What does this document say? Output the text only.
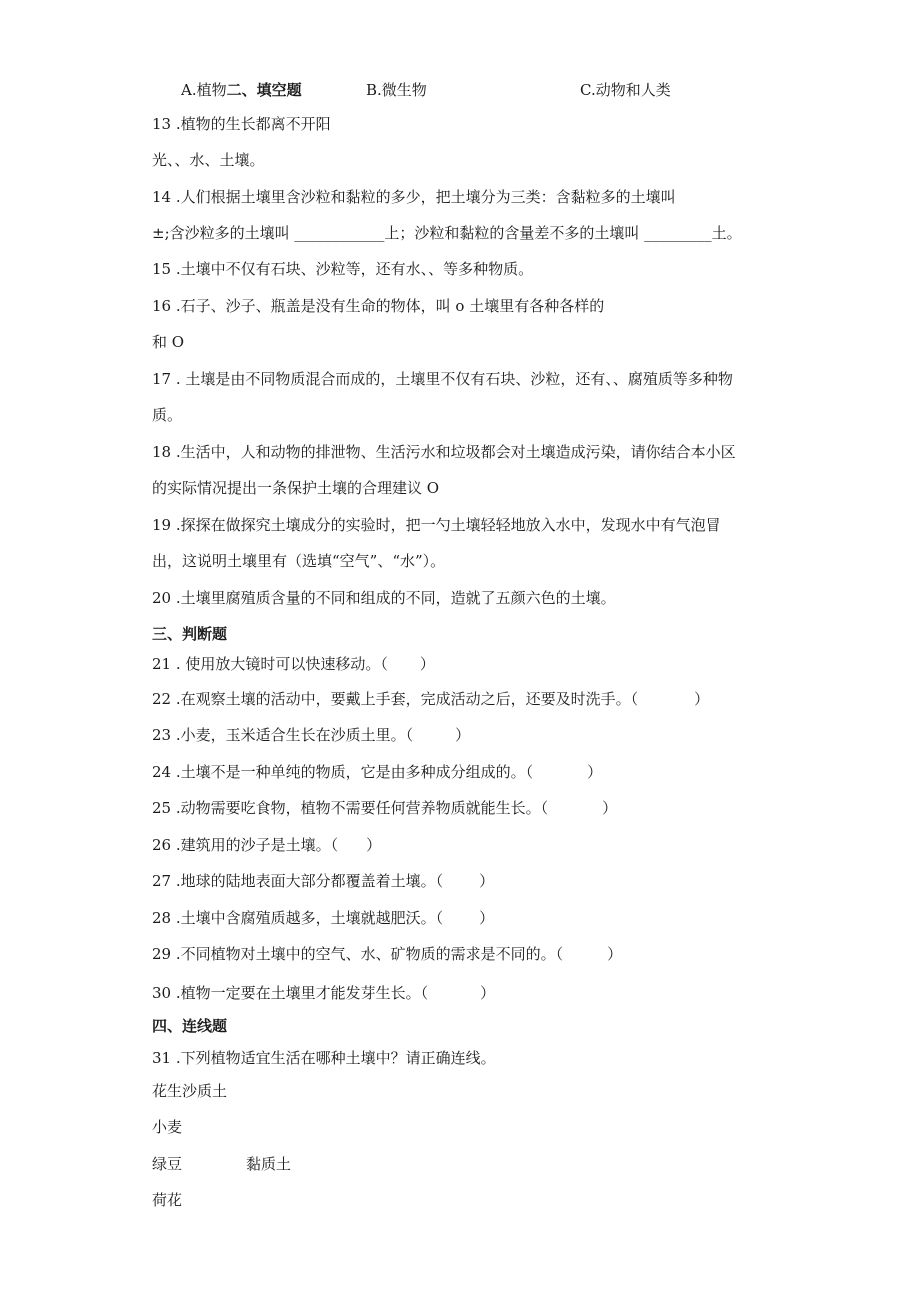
A.植物二、填空题	B.微生物	C.动物和人类
13 .植物的生长都离不开阳
光、、水、土壤。
14 .人们根据土壤里含沙粒和黏粒的多少，把土壤分为三类：含黏粒多的土壤叫
±;含沙粒多的土壤叫 ____________上；沙粒和黏粒的含量差不多的土壤叫 _________土。
15 .土壤中不仅有石块、沙粒等，还有水、、等多种物质。
16 .石子、沙子、瓶盖是没有生命的物体，叫 o 土壤里有各种各样的
和 O
17 . 土壤是由不同物质混合而成的，土壤里不仅有石块、沙粒，还有、、腐殖质等多种物
质。
18 .生活中，人和动物的排泄物、生活污水和垃圾都会对土壤造成污染，请你结合本小区
的实际情况提出一条保护土壤的合理建议 O
19 .探探在做探究土壤成分的实验时，把一勺土壤轻轻地放入水中，发现水中有气泡冒
出，这说明土壤里有（选填“空气”、“水”）。
20 .土壤里腐殖质含量的不同和组成的不同，造就了五颜六色的土壤。
三、判断题
21 . 使用放大镜时可以快速移动。（ ）
22 .在观察土壤的活动中，要戴上手套，完成活动之后，还要及时洗手。（	）
23 .小麦，玉米适合生长在沙质土里。（	）
24 .土壤不是一种单纯的物质，它是由多种成分组成的。（	）
25 .动物需要吃食物，植物不需要任何营养物质就能生长。（	）
26 .建筑用的沙子是土壤。（ ）
27 .地球的陆地表面大部分都覆盖着土壤。（ ）
28 .土壤中含腐殖质越多，土壤就越肥沃。（ ）
29 .不同植物对土壤中的空气、水、矿物质的需求是不同的。（	）
30 .植物一定要在土壤里才能发芽生长。（	）
四、连线题
31 .下列植物适宜生活在哪种土壤中？请正确连线。
花生沙质土
小麦
绿豆	黏质土
荷花
